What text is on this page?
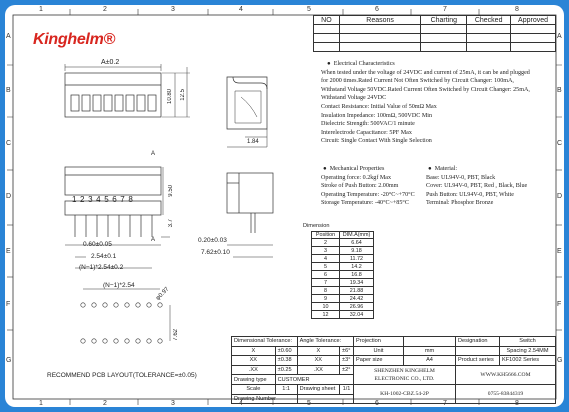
1	2	3	4	5	6	7	8
1	2	3	4	5	6	7	8
A
B
C
D
E
F
G
A
B
C
D
E
F
G
Kinghelm®
A±0.2
10.80 12.5
1.84
A
A
12345678
9.50
3.7
0.60±0.05
2.54±0.1
(N−1)*2.54±0.2
0.20±0.03
7.62±0.10
(N−1)*2.54
7.62
φ0.97
RECOMMEND PCB LAYOUT(TOLERANCE=±0.05)
NO	Reasons	Charting	Checked	Approved

● Electrical Characteristics
When tested under the voltage of 24VDC and current of 25mA, it can be and plugged
for 2000 times.Rated Current Not Often Switched by Circuit Changer: 100mA,
Withstand Voltage 50VDC.Rated Current Often Switched by Circuit Changer: 25mA,
Withstand Voltage 24VDC
Contact Resistance: Initial Value of 50mΩ Max
Insulation Impedance: 100mΩ, 500VDC Min
Dielectric Strength: 500VAC/1 minute
Interelectrode Capacitance: 5PF Max
Circuit: Single Contact With Single Selection
● Mechanical Properties
Operating force: 0.2kgf Max
Stroke of Push Button: 2.00mm
Operating Temperature: -20°C~+70°C
Storage Temperature: -40°C~+85°C
● Material:
Base: UL94V-0, PBT, Black
Cover: UL94V-0, PBT, Red , Black, Blue
Push Button: UL94V-0, PBT, White
Terminal: Phosphor Bronze
Dimension
Position	DIM.A(mm)
2	6.64
3	9.18
4	11.72
5	14.2
6	16.8
7	19.34
8	21.88
9	24.42
10	26.96
12	32.04
Dimensional Tolerance:		Angle Tolerance:		Projection		Designation	Switch
X	±0.60	X	±6°	Unit	mm		Spacing 2.54MM
XX	±0.38	XX	±3°	Paper size	A4	Product series	KF1002 Series
.XX	±0.25	.XX	±2°	SHENZHEN KINGHELM
ELECTRONIC CO., LTD.		WWW.KH5666.COM	
Drawing type	CUSTOMER						
Scale	1:1	Drawing sheet	1/1	KH-1002-CBZ.54-2P		0755-83844319	
Drawing Number							
